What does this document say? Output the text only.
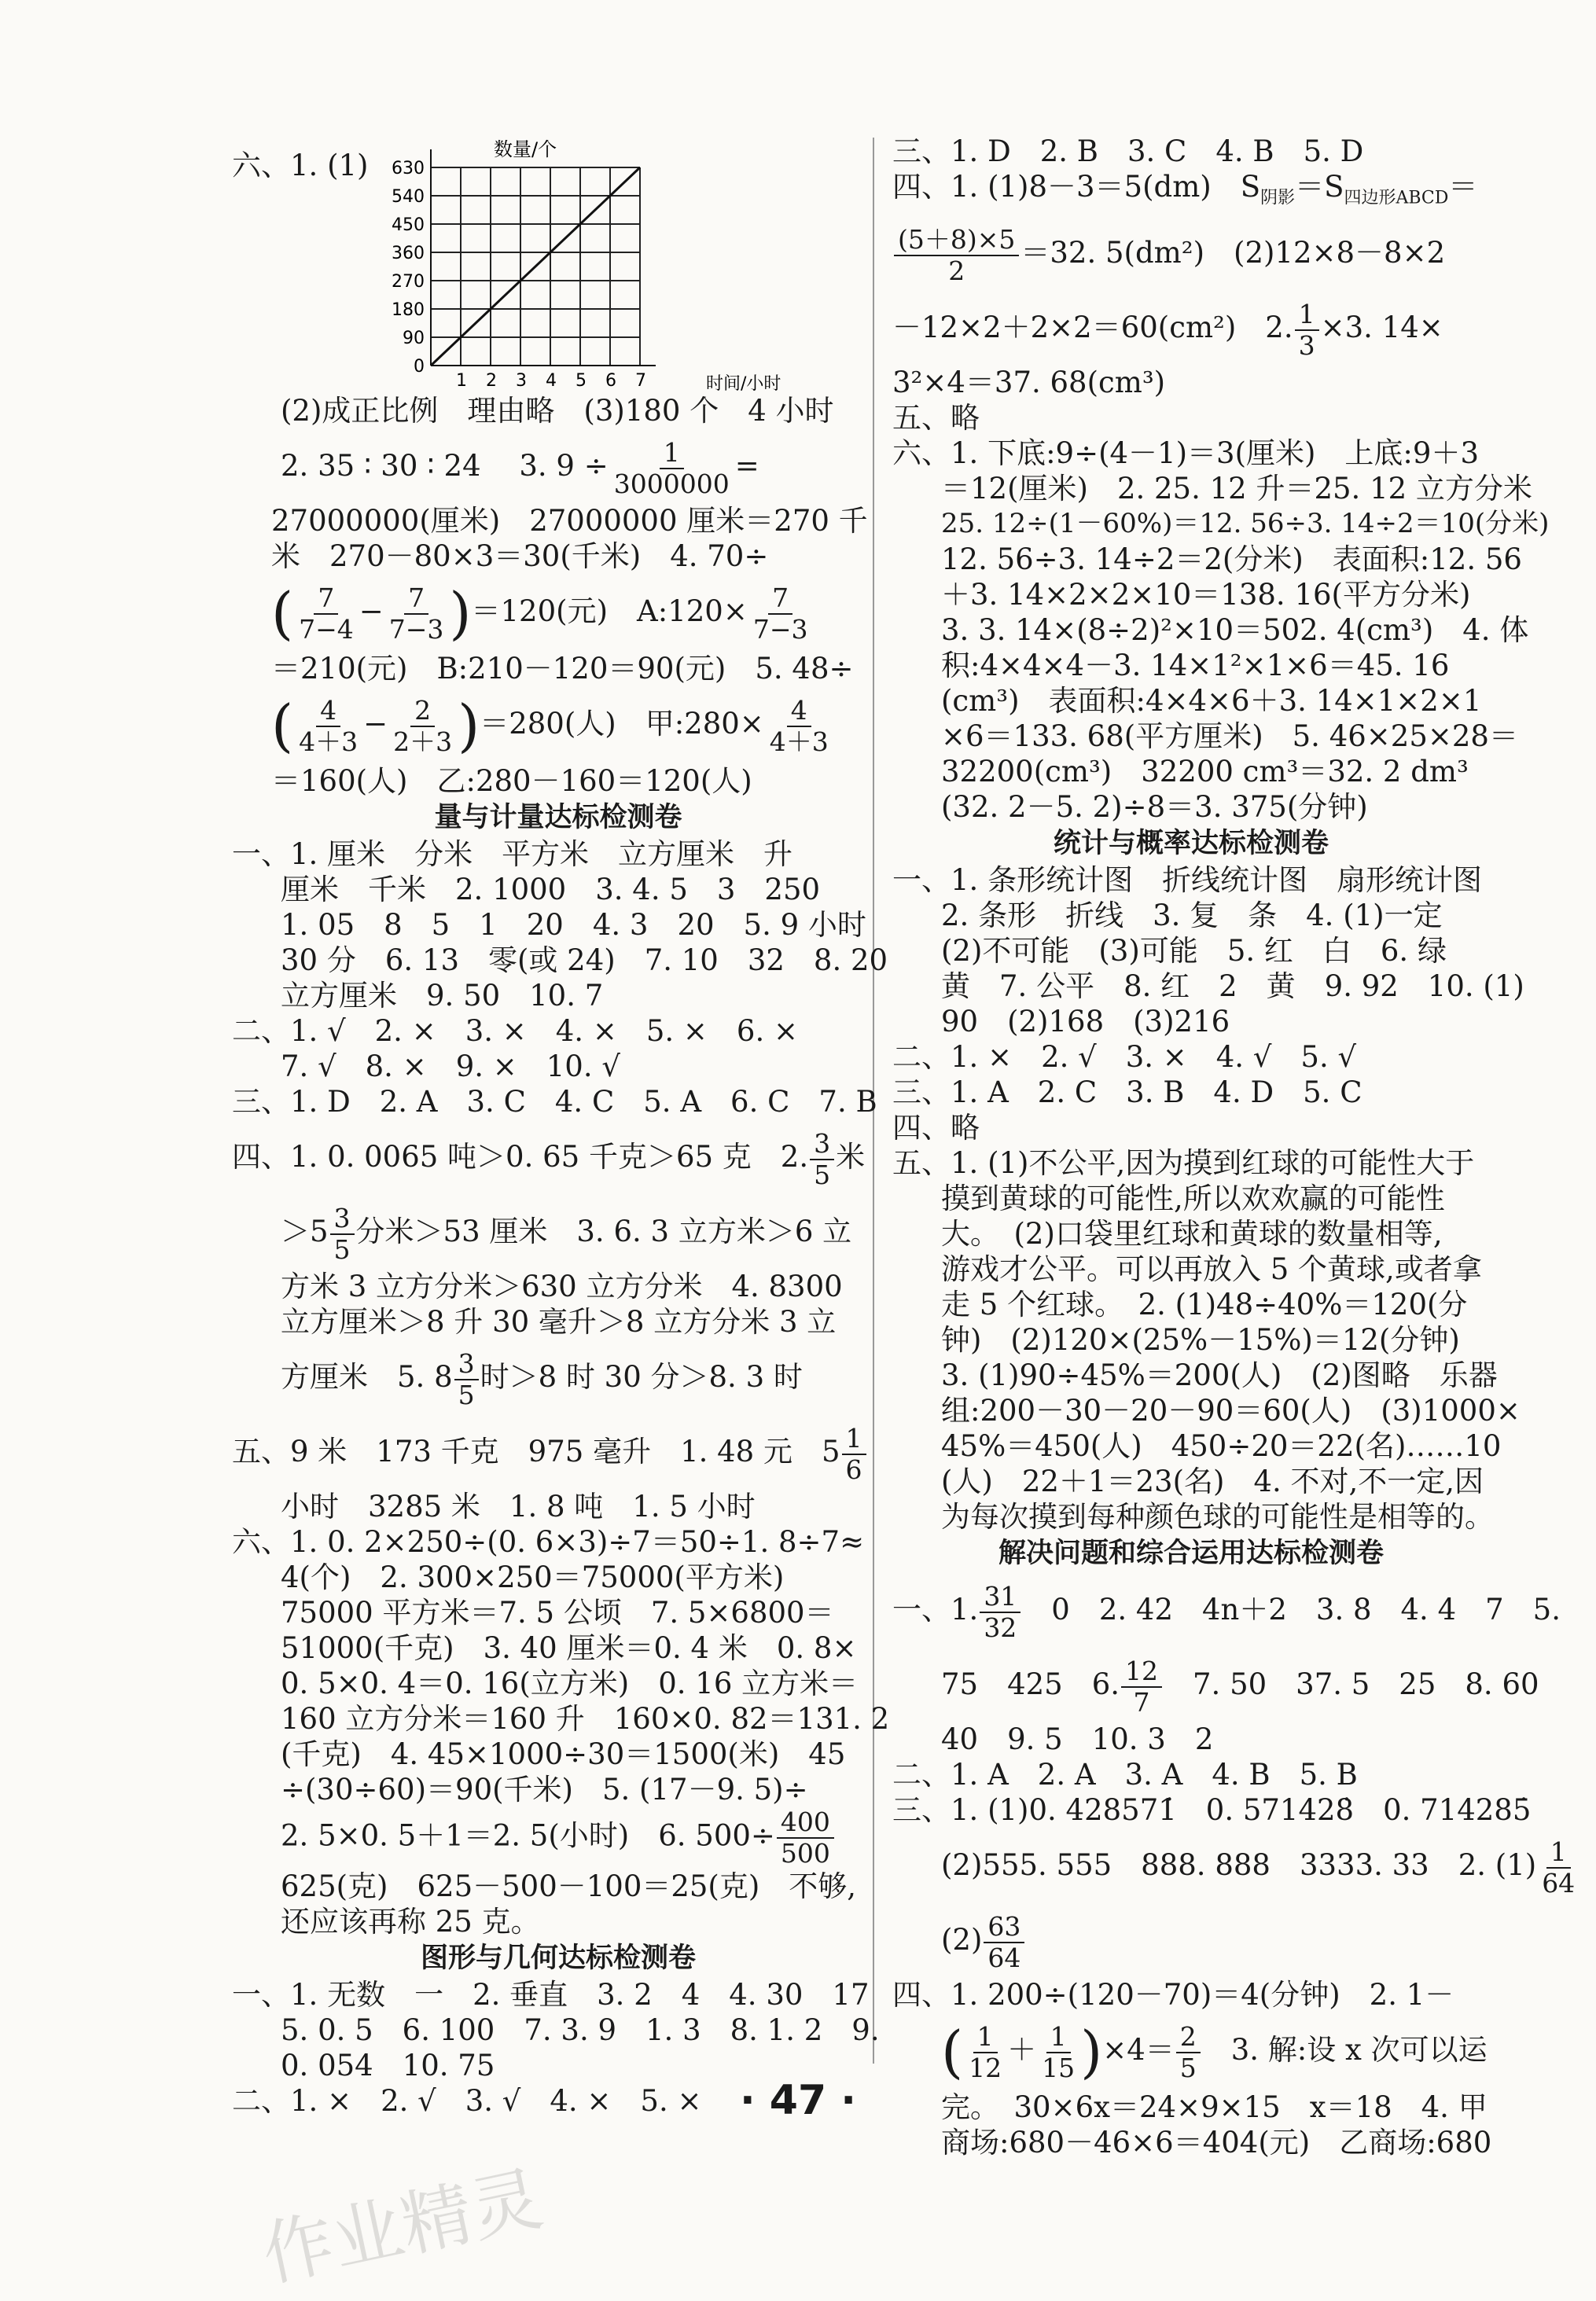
六、1. (1)	数量/个
630
540
450
360
270
180
90
0
1 2 3 4 5 6 7	时间/小时
(2)成正比例　理由略　(3)180 个　4 小时
2. 35 ∶ 30 ∶ 24　 3. $9 \div \frac{1}{3000000}$ =
27000000(厘米)　27000000 厘米＝270 千
米　270－80×3＝30(千米)　4. 70÷
( $\frac{7}{7-4} - \frac{7}{7-3} )=120$(元)　A:120× $\frac{7}{7-3}$
＝210(元)　B:210－120＝90(元)　5. 48÷
( $\frac{4}{4+3} - \frac{2}{2+3} )=280$(人)　甲:280× $\frac{4}{4+3}$
＝160(人)　乙:280－160＝120(人)
量与计量达标检测卷
一、1. 厘米　分米　平方米　立方厘米　升
厘米　千米　2. 1000　3. 4. 5　3　250
1. 05　8　5　1　20　4. 3　20　5. 9 小时
30 分　6. 13　零(或 24)　7. 10　32　8. 20
立方厘米　9. 50　10. 7
二、1. √　2. ×　3. ×　4. ×　5. ×　6. ×
7. √　8. ×　9. ×　10. √
三、1. D　2. A　3. C　4. C　5. A　6. C　7. B
四、1. 0. 0065 吨＞0. 65 千克＞65 克　2. $\frac{3}{5}$ 米
$>5 \frac{3}{5}$ 分米＞53 厘米　3. 6. 3 立方米＞6 立
方米 3 立方分米＞630 立方分米　4. 8300
立方厘米＞8 升 30 毫升＞8 立方分米 3 立
方厘米　5. $8 \frac{3}{5}$ 时＞8 时 30 分＞8. 3 时
五、9 米　173 千克　975 毫升　1. 48 元　$5 \frac{1}{6}$
小时　3285 米　1. 8 吨　1. 5 小时
六、1. 0. 2×250÷(0. 6×3)÷7＝50÷1. 8÷7≈
4(个)　2. 300×250＝75000(平方米)
75000 平方米＝7. 5 公顷　7. 5×6800＝
51000(千克)　3. 40 厘米＝0. 4 米　0. 8×
0. 5×0. 4＝0. 16(立方米)　0. 16 立方米＝
160 立方分米＝160 升　160×0. 82＝131. 2
(千克)　4. 45×1000÷30＝1500(米)　45
÷(30÷60)＝90(千米)　5. (17－9. 5)÷
2. 5×0. 5＋1＝2. 5(小时)　6. $500\div \frac{400}{500}$
625(克)　625－500－100＝25(克)　不够,
还应该再称 25 克。
图形与几何达标检测卷
一、1. 无数　一　2. 垂直　3. 2　4　4. 30　17
5. 0. 5　6. 100　7. 3. 9　1. 3　8. 1. 2　9.
0. 054　10. 75
二、1. ×　2. √　3. √　4. ×　5. ×
三、1. D　2. B　3. C　4. B　5. D
四、1. (1)8－3＝5(dm)　$S_{阴影}=S_{四边形ABCD}=$
$\frac{(5+8)\times 5}{2} =32$. 5(dm²)　(2)12×8－8×2
－12×2＋2×2＝60(cm²)　2. $\frac{1}{3} \times 3$. 14×
3²×4＝37. 68(cm³)
五、略
六、1. 下底:9÷(4－1)＝3(厘米)　上底:9＋3
＝12(厘米)　2. 25. 12 升＝25. 12 立方分米
25. 12÷(1－60%)＝12. 56÷3. 14÷2＝10(分米)
12. 56÷3. 14÷2＝2(分米)　表面积:12. 56
＋3. 14×2×2×10＝138. 16(平方分米)
3. 3. 14×(8÷2)²×10＝502. 4(cm³)　4. 体
积:4×4×4－3. 14×1²×1×6＝45. 16
(cm³)　表面积:4×4×6＋3. 14×1×2×1
×6＝133. 68(平方厘米)　5. 46×25×28＝
32200(cm³)　32200 cm³＝32. 2 dm³
(32. 2－5. 2)÷8＝3. 375(分钟)
统计与概率达标检测卷
一、1. 条形统计图　折线统计图　扇形统计图
2. 条形　折线　3. 复　条　4. (1)一定
(2)不可能　(3)可能　5. 红　白　6. 绿
黄　7. 公平　8. 红　2　黄　9. 92　10. (1)
90　(2)168　(3)216
二、1. ×　2. √　3. ×　4. √　5. √
三、1. A　2. C　3. B　4. D　5. C
四、略
五、1. (1)不公平,因为摸到红球的可能性大于
摸到黄球的可能性,所以欢欢赢的可能性
大。　(2)口袋里红球和黄球的数量相等,
游戏才公平。可以再放入 5 个黄球,或者拿
走 5 个红球。　2. (1)48÷40%＝120(分
钟)　(2)120×(25%－15%)＝12(分钟)
3. (1)90÷45%＝200(人)　(2)图略　乐器
组:200－30－20－90＝60(人)　(3)1000×
45%＝450(人)　450÷20＝22(名)……10
(人)　22＋1＝23(名)　4. 不对,不一定,因
为每次摸到每种颜色球的可能性是相等的。
解决问题和综合运用达标检测卷
一、1. $\frac{31}{32}$ 　0　2. 42　4n＋2　3. 8　4. 4　7　5.
75　425　6. $\frac{12}{7}$ 　7. 50　37. 5　25　8. 60
40　9. 5　10. 3　2
二、1. A　2. A　3. A　4. B　5. B
三、1. (1)0. 428571̇　0. 571428̇　0. 714285̇
(2)555. 555　888. 888　3333. 33　2. $(1) \frac{1}{64}$
$(2) \frac{63}{64}$
四、1. 200÷(120－70)＝4(分钟)　2. 1－
( $\frac{1}{12} + \frac{1}{15} )\times 4= \frac{2}{5}$ 　3. 解:设 x 次可以运
完。　30×6x＝24×9×15　x＝18　4. 甲
商场:680－46×6＝404(元)　乙商场:680
· 47 ·
作业精灵
